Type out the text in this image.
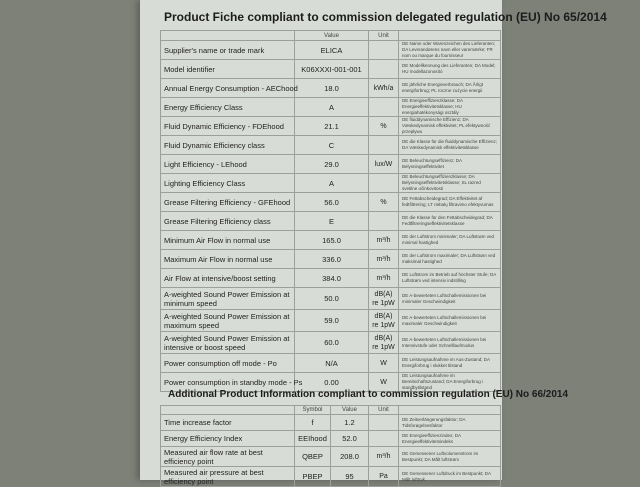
Product Fiche compliant to commission delegated regulation (EU) No 65/2014
	Value	Unit	
Supplier's name or trade mark	ELICA		DE Name oder Warenzeichen des Lieferanten; DA Leverandørens navn eller varemærke; FR nom ou marque du fournisseur
Model identifier	K06XXXI-001-001		DE Modellkennung des Lieferanten; DA Model; HU modellazonosító
Annual Energy Consumption - AEChood	18.0	kWh/a	DE jährliche Energieverbrauch; DA Årligt energiforbrug; PL roczne zużycie energii
Energy Efficiency Class	A		DE Energieeffizienzklasse; DA Energieeffektivitetsklasse; HU energiahatékonysági osztály
Fluid Dynamic Efficiency - FDEhood	21.1	%	DE fluiddynamische Effizienz; DA Væskedynamisk effektivitet; PL efektywność przepływu
Fluid Dynamic Efficiency class	C		DE die Klasse für die fluiddynamische Effizienz; DA Væskedynamisk effektivitetsklasse
Light Efficiency - LEhood	29.0	lux/W	DE Beleuchtungseffizienz; DA Belysningseffektivitet
Lighting Efficiency Class	A		DE Beleuchtungseffizienzklasse; DA Belysningseffektivitetsklasse; SL razred svetilne učinkovitosti
Grease Filtering Efficiency - GFEhood	56.0	%	DE Fettabscheidegrad; DA Effektivitet af fedtfiltrering; LT riebalų filtravimo efektyvumas
Grease Filtering Efficiency class	E		DE die Klasse für den Fettabscheidegrad; DA Fedtfiltreringseffektivitetsklasse
Minimum Air Flow in normal use	165.0	m³/h	DE der Luftstrom minimaler; DA Luftstrøm ved minimal hastighed
Maximum Air Flow in normal use	336.0	m³/h	DE der Luftstrom maximaler; DA Luftstrøm ved maksimal hastighed
Air Flow at intensive/boost setting	384.0	m³/h	DE Luftstrom im Betrieb auf höchster Stufe; DA Luftstrøm ved intensiv indstilling
A-weighted Sound Power Emission at minimum speed	50.0	dB(A) re 1pW	DE A-bewerteten Luftschallemissionen bei minimaler Geschwindigkeit
A-weighted Sound Power Emission at maximum speed	59.0	dB(A) re 1pW	DE A-bewerteten Luftschallemissionen bei maximaler Geschwindigkeit
A-weighted Sound Power Emission at intensive or boost speed	60.0	dB(A) re 1pW	DE A-bewerteten Luftschallemissionen bei Intensivstufe oder Schnelllaufmodus
Power consumption off mode - Po	N/A	W	DE Leistungsaufnahme im Aus-Zustand; DA Energiforbrug i slukket tilstand
Power consumption in standby mode - Ps	0.00	W	DE Leistungsaufnahme im Bereitschaftszustand; DA Energiforbrug i standbytilstand
Additional Product Information compliant to commission regulation (EU) No 66/2014
	Symbol	Value	Unit	
Time increase factor	f	1.2		DE Zeitverlängerungsfaktor; DA Tidsforøgelsesfaktor
Energy Efficiency Index	EEIhood	52.0		DE Energieeffizienzindex; DA Energieeffektivitetsindeks
Measured air flow rate at best efficiency point	QBEP	208.0	m³/h	DE Gemessener Luftvolumenstrom im Bestpunkt; DA Målt luftstrøm
Measured air pressure at best efficiency point	PBEP	95	Pa	DE Gemessener Luftdruck im Bestpunkt; DA Målt lufttryk
